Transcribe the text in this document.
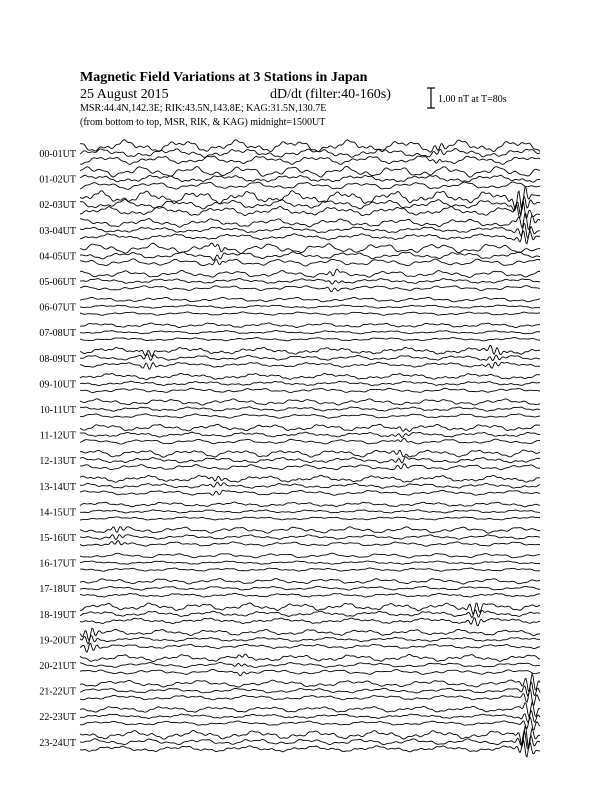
Magnetic Field Variations at 3 Stations in Japan
25 August 2015	dD/dt (filter:40-160s)
MSR:44.4N,142.3E; RIK:43.5N,143.8E; KAG:31.5N,130.7E
(from bottom to top, MSR, RIK, & KAG) midnight=1500UT
1.00 nT at T=80s
00-01UT
01-02UT
02-03UT
03-04UT
04-05UT
05-06UT
06-07UT
07-08UT
08-09UT
09-10UT
10-11UT
11-12UT
12-13UT
13-14UT
14-15UT
15-16UT
16-17UT
17-18UT
18-19UT
19-20UT
20-21UT
21-22UT
22-23UT
23-24UT
